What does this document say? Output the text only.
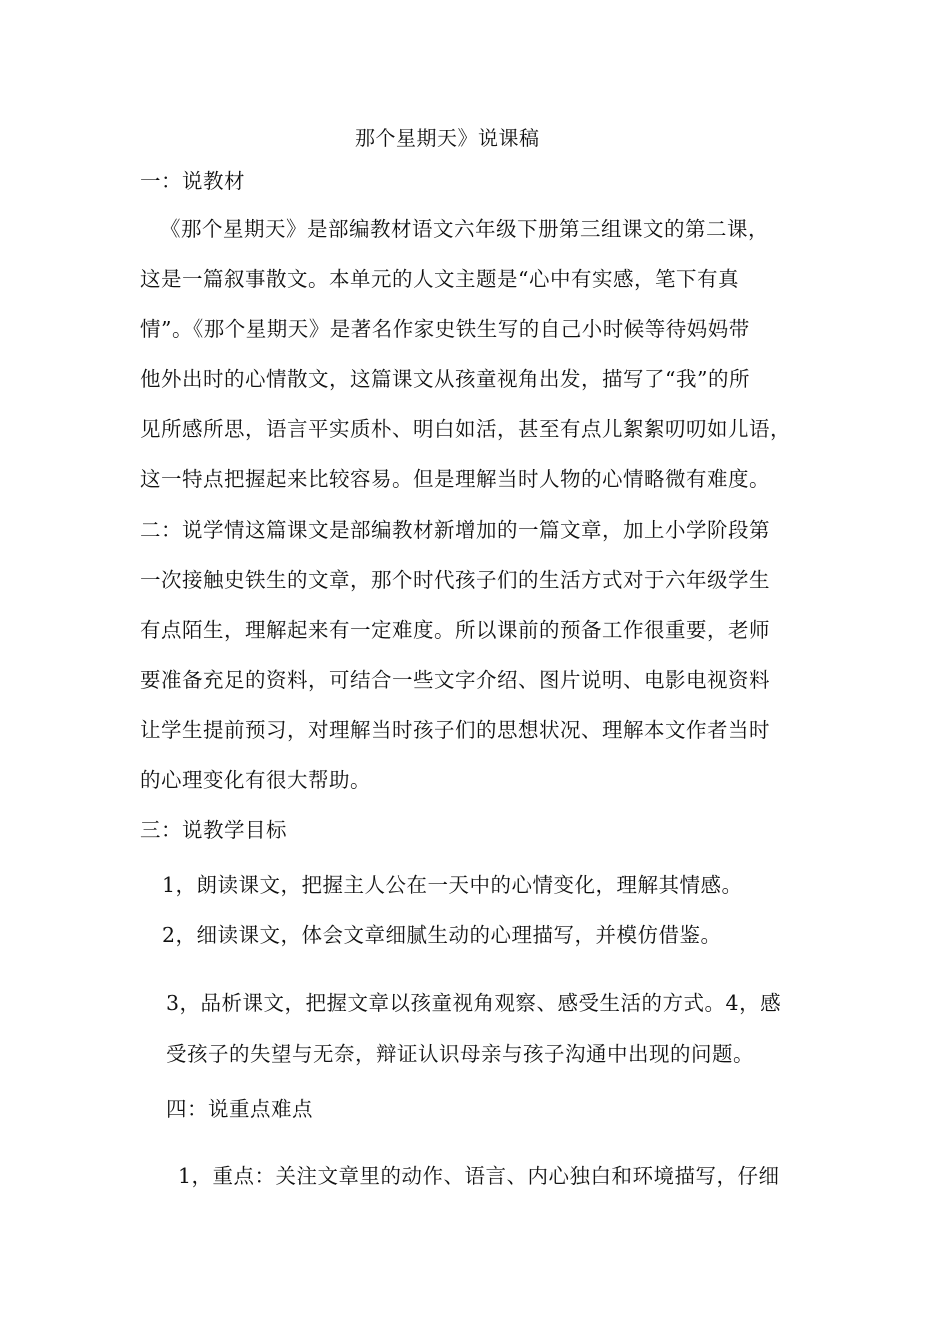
那个星期天》说课稿
一：说教材
《那个星期天》是部编教材语文六年级下册第三组课文的第二课，
这是一篇叙事散文。本单元的人文主题是“心中有实感，笔下有真
情”。《那个星期天》是著名作家史铁生写的自己小时候等待妈妈带
他外出时的心情散文，这篇课文从孩童视角出发，描写了“我”的所
见所感所思，语言平实质朴、明白如活，甚至有点儿絮絮叨叨如儿语，
这一特点把握起来比较容易。但是理解当时人物的心情略微有难度。
二：说学情这篇课文是部编教材新增加的一篇文章，加上小学阶段第
一次接触史铁生的文章，那个时代孩子们的生活方式对于六年级学生
有点陌生，理解起来有一定难度。所以课前的预备工作很重要，老师
要准备充足的资料，可结合一些文字介绍、图片说明、电影电视资料
让学生提前预习，对理解当时孩子们的思想状况、理解本文作者当时
的心理变化有很大帮助。
三：说教学目标
1，朗读课文，把握主人公在一天中的心情变化，理解其情感。
2，细读课文，体会文章细腻生动的心理描写，并模仿借鉴。
3，品析课文，把握文章以孩童视角观察、感受生活的方式。4，感
受孩子的失望与无奈，辩证认识母亲与孩子沟通中出现的问题。
四：说重点难点
1，重点：关注文章里的动作、语言、内心独白和环境描写，仔细
